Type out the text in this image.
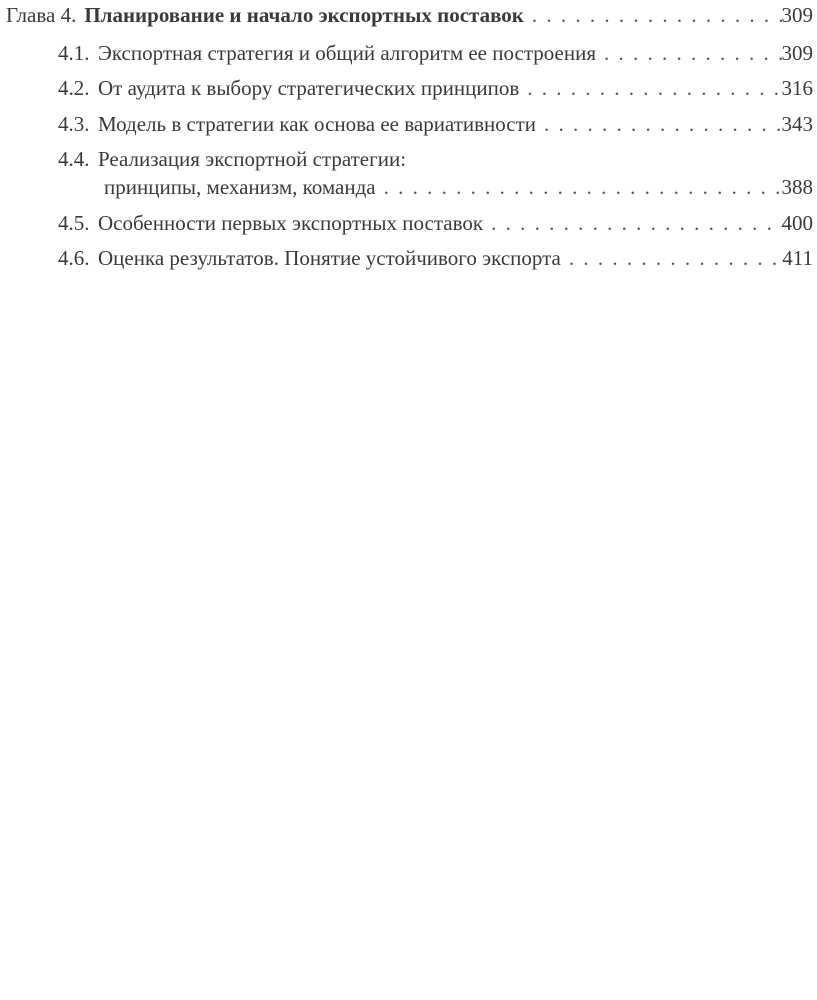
Глава 4. Планирование и начало экспортных поставок . . .	309
4.1. Экспортная стратегия и общий алгоритм ее построения . . .	309
4.2. От аудита к выбору стратегических принципов . . .	316
4.3. Модель в стратегии как основа ее вариативности . . .	343
4.4. Реализация экспортной стратегии:
принципы, механизм, команда . . .	388
4.5. Особенности первых экспортных поставок . . .	400
4.6. Оценка результатов. Понятие устойчивого экспорта . . .	411
